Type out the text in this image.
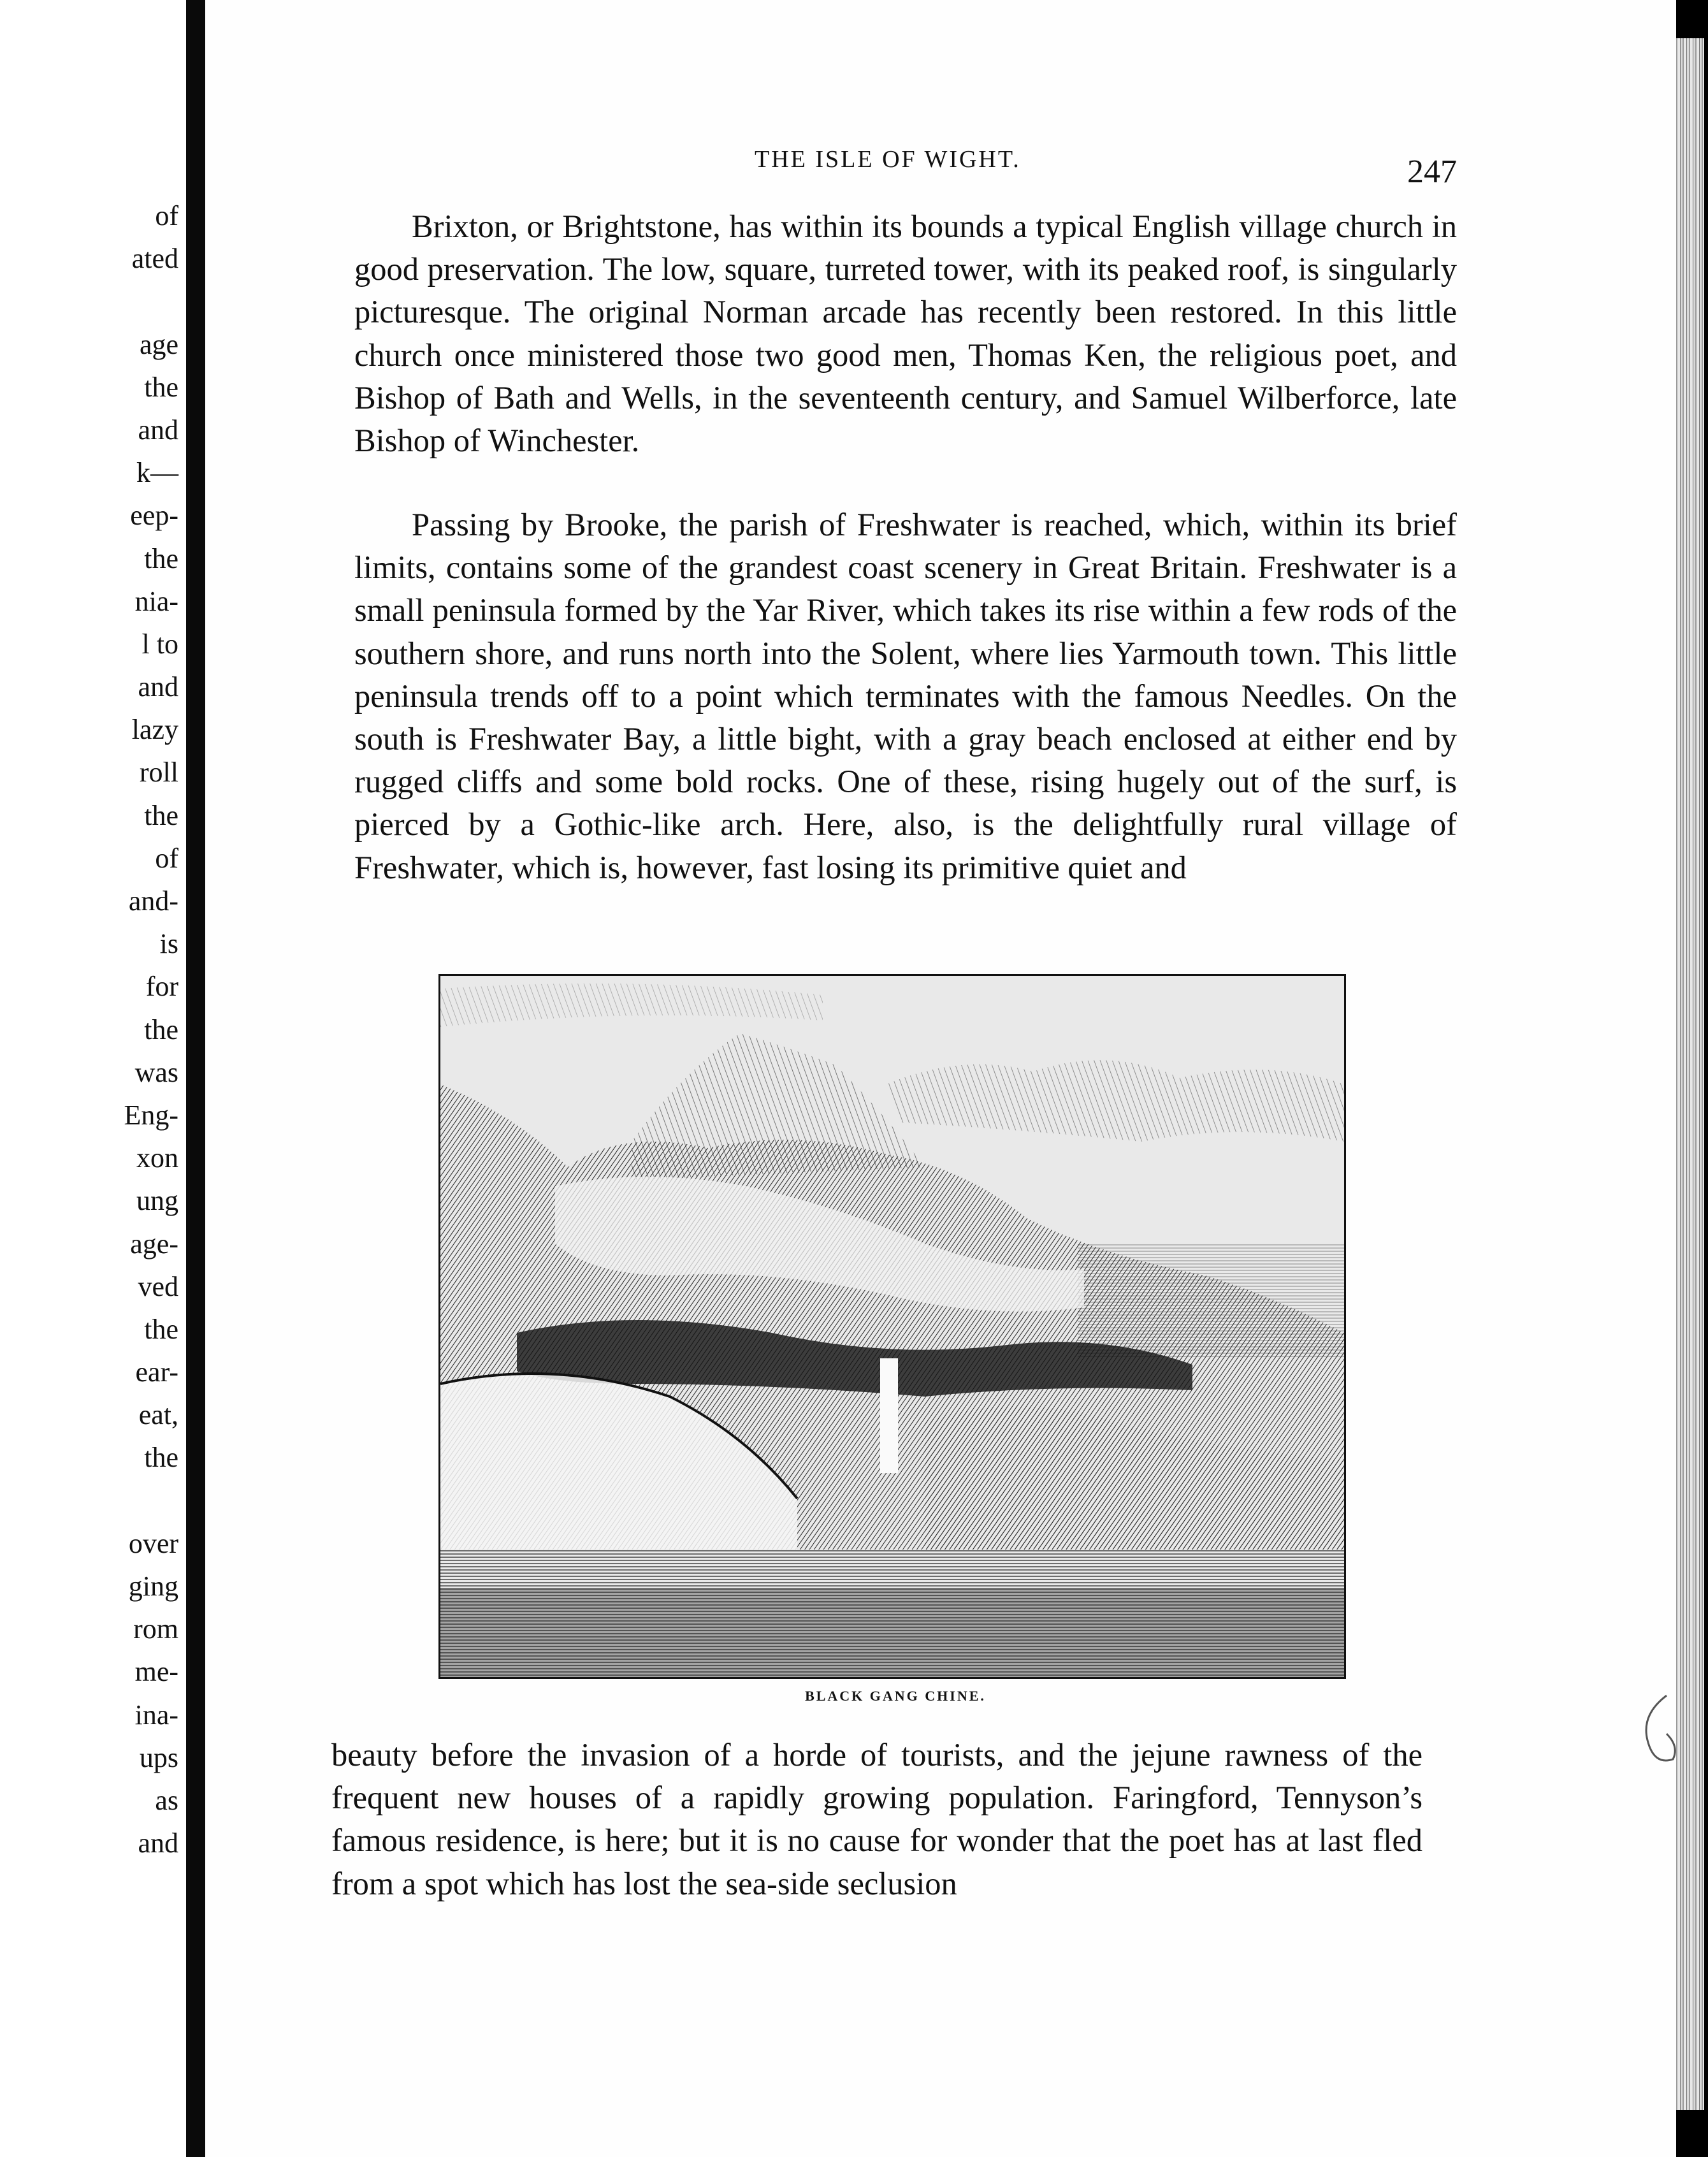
of
ated
age
the
and
k—
eep-
the
nia-
l to
and
lazy
roll
the
of
and-
is
for
the
was
Eng-
xon
ung
age-
ved
the
ear-
eat,
the
over
ging
rom
me-
ina-
ups
as
and
THE ISLE OF WIGHT.	247

Brixton, or Brightstone, has within its bounds a typical English village church in good preservation. The low, square, turreted tower, with its peaked roof, is singularly picturesque. The original Norman arcade has recently been restored. In this little church once ministered those two good men, Thomas Ken, the religious poet, and Bishop of Bath and Wells, in the seventeenth century, and Samuel Wilberforce, late Bishop of Winchester.

Passing by Brooke, the parish of Freshwater is reached, which, within its brief limits, contains some of the grandest coast scenery in Great Britain. Freshwater is a small peninsula formed by the Yar River, which takes its rise within a few rods of the southern shore, and runs north into the Solent, where lies Yarmouth town. This little peninsula trends off to a point which terminates with the famous Needles. On the south is Freshwater Bay, a little bight, with a gray beach enclosed at either end by rugged cliffs and some bold rocks. One of these, rising hugely out of the surf, is pierced by a Gothic-like arch. Here, also, is the delightfully rural village of Freshwater, which is, however, fast losing its primitive quiet and

BLACK GANG CHINE.

beauty before the invasion of a horde of tourists, and the jejune rawness of the frequent new houses of a rapidly growing population. Faringford, Tennyson’s famous residence, is here; but it is no cause for wonder that the poet has at last fled from a spot which has lost the sea-side seclusion
